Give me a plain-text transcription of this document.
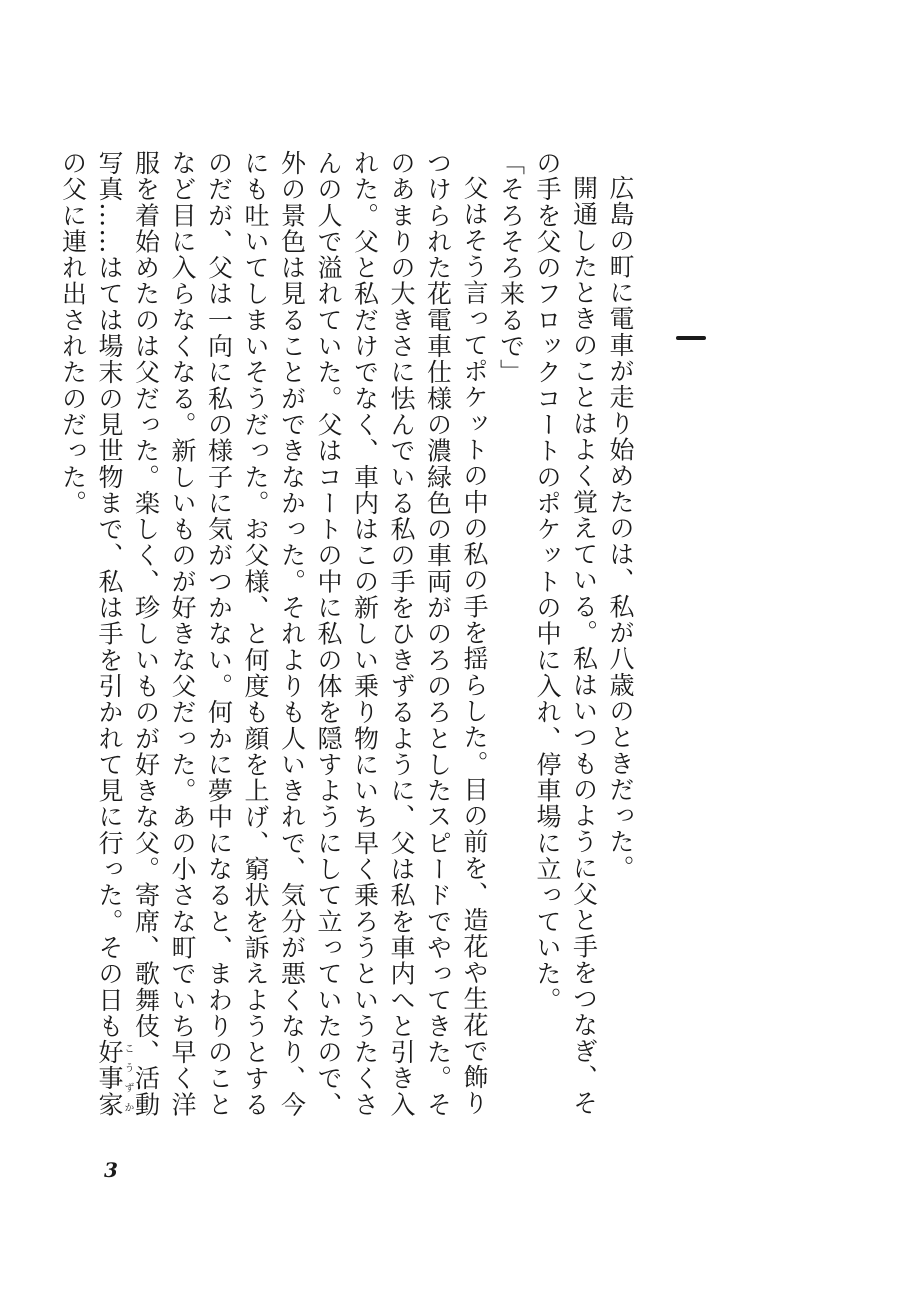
広島の町に電車が走り始めたのは、私が八歳のときだった。

開通したときのことはよく覚えている。私はいつものように父と手をつなぎ、その手を父のフロックコートのポケットの中に入れ、停車場に立っていた。

「そろそろ来るで」

父はそう言ってポケットの中の私の手を揺らした。目の前を、造花や生花で飾りつけられた花電車仕様の濃緑色の車両がのろのろとしたスピードでやってきた。そのあまりの大きさに怯んでいる私の手をひきずるように、父は私を車内へと引き入れた。父と私だけでなく、車内はこの新しい乗り物にいち早く乗ろうというたくさんの人で溢れていた。父はコートの中に私の体を隠すようにして立っていたので、外の景色は見ることができなかった。それよりも人いきれで、気分が悪くなり、今にも吐いてしまいそうだった。お父様、と何度も顔を上げ、窮状を訴えようとするのだが、父は一向に私の様子に気がつかない。何かに夢中になると、まわりのことなど目に入らなくなる。新しいものが好きな父だった。あの小さな町でいち早く洋服を着始めたのは父だった。楽しく、珍しいものが好きな父。寄席、歌舞伎、活動写真……はては場末の見世物まで、私は手を引かれて見に行った。その日も好事家こうずかの父に連れ出されたのだった。

3
